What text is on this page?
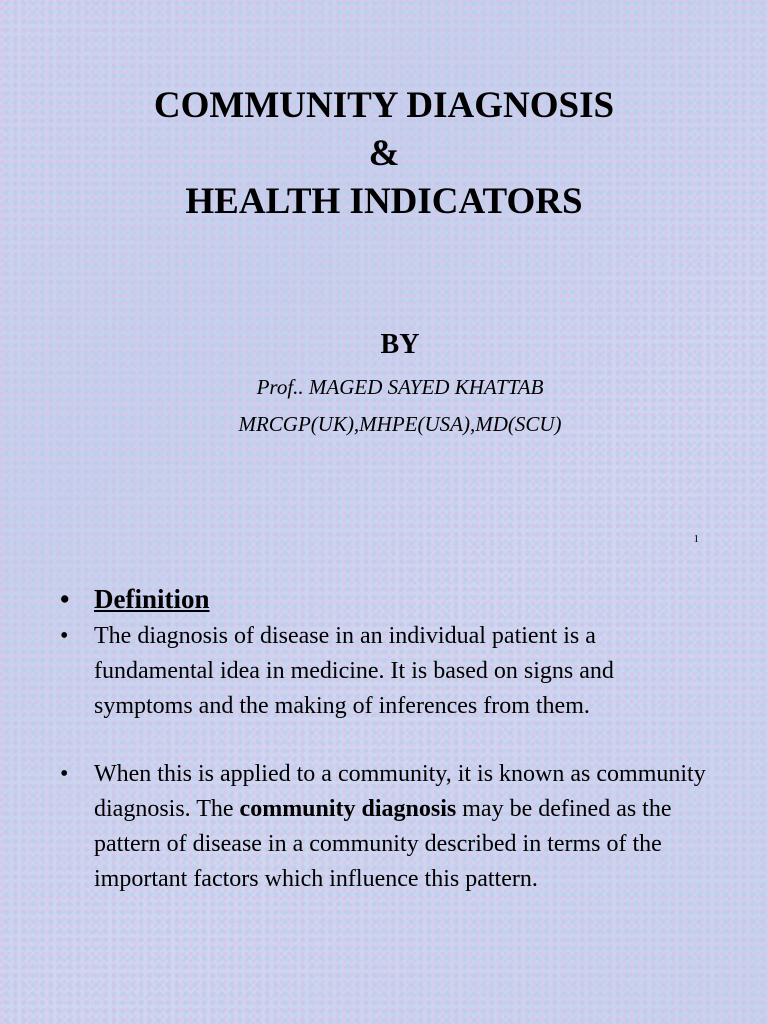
COMMUNITY DIAGNOSIS
&
HEALTH INDICATORS
BY
Prof.. MAGED SAYED KHATTAB
MRCGP(UK),MHPE(USA),MD(SCU)
1
• Definition
• The diagnosis of disease in an individual patient is a fundamental idea in medicine. It is based on signs and symptoms and the making of inferences from them.
• When this is applied to a community, it is known as community diagnosis. The community diagnosis may be defined as the pattern of disease in a community described in terms of the important factors which influence this pattern.
